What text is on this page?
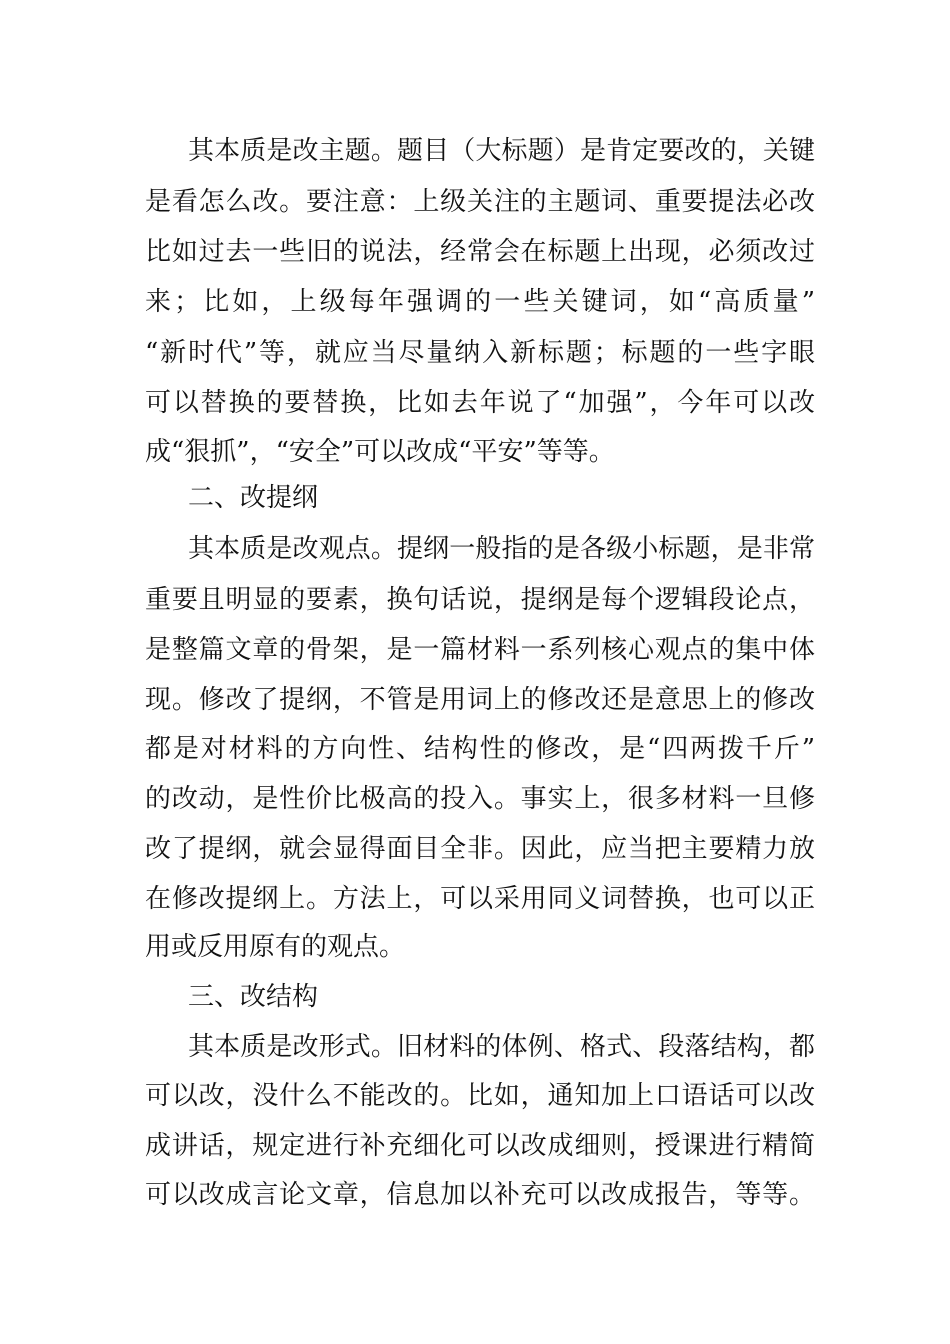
其本质是改主题。题目（大标题）是肯定要改的，关键
是看怎么改。要注意：上级关注的主题词、重要提法必改
比如过去一些旧的说法，经常会在标题上出现，必须改过
来；比如，上级每年强调的一些关键词，如“高质量”
“新时代”等，就应当尽量纳入新标题；标题的一些字眼
可以替换的要替换，比如去年说了“加强”，今年可以改
成“狠抓”，“安全”可以改成“平安”等等。
二、改提纲
其本质是改观点。提纲一般指的是各级小标题，是非常
重要且明显的要素，换句话说，提纲是每个逻辑段论点，
是整篇文章的骨架，是一篇材料一系列核心观点的集中体
现。修改了提纲，不管是用词上的修改还是意思上的修改
都是对材料的方向性、结构性的修改，是“四两拨千斤”
的改动，是性价比极高的投入。事实上，很多材料一旦修
改了提纲，就会显得面目全非。因此，应当把主要精力放
在修改提纲上。方法上，可以采用同义词替换，也可以正
用或反用原有的观点。
三、改结构
其本质是改形式。旧材料的体例、格式、段落结构，都
可以改，没什么不能改的。比如，通知加上口语话可以改
成讲话，规定进行补充细化可以改成细则，授课进行精简
可以改成言论文章，信息加以补充可以改成报告，等等。
